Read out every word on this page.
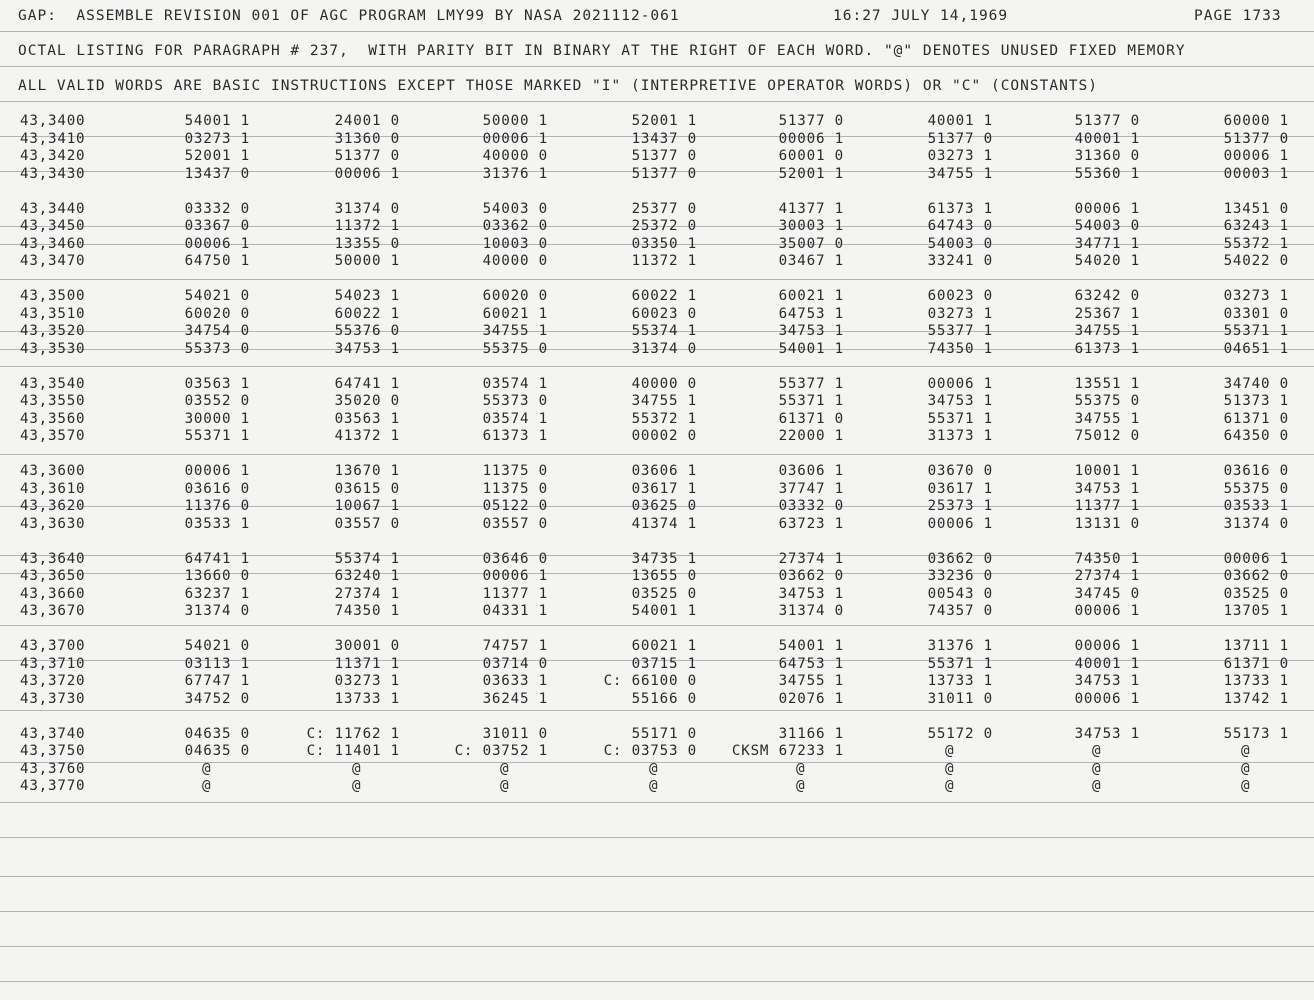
GAP:  ASSEMBLE REVISION 001 OF AGC PROGRAM LMY99 BY NASA 2021112-061	16:27 JULY 14,1969	PAGE 1733
OCTAL LISTING FOR PARAGRAPH # 237,  WITH PARITY BIT IN BINARY AT THE RIGHT OF EACH WORD. "@" DENOTES UNUSED FIXED MEMORY
ALL VALID WORDS ARE BASIC INSTRUCTIONS EXCEPT THOSE MARKED "I" (INTERPRETIVE OPERATOR WORDS) OR "C" (CONSTANTS)
43,3400	54001 1	24001 0	50000 1	52001 1	51377 0	40001 1	51377 0	60000 1
43,3410	03273 1	31360 0	00006 1	13437 0	00006 1	51377 0	40001 1	51377 0
43,3420	52001 1	51377 0	40000 0	51377 0	60001 0	03273 1	31360 0	00006 1
43,3430	13437 0	00006 1	31376 1	51377 0	52001 1	34755 1	55360 1	00003 1
43,3440	03332 0	31374 0	54003 0	25377 0	41377 1	61373 1	00006 1	13451 0
43,3450	03367 0	11372 1	03362 0	25372 0	30003 1	64743 0	54003 0	63243 1
43,3460	00006 1	13355 0	10003 0	03350 1	35007 0	54003 0	34771 1	55372 1
43,3470	64750 1	50000 1	40000 0	11372 1	03467 1	33241 0	54020 1	54022 0
43,3500	54021 0	54023 1	60020 0	60022 1	60021 1	60023 0	63242 0	03273 1
43,3510	60020 0	60022 1	60021 1	60023 0	64753 1	03273 1	25367 1	03301 0
43,3520	34754 0	55376 0	34755 1	55374 1	34753 1	55377 1	34755 1	55371 1
43,3530	55373 0	34753 1	55375 0	31374 0	54001 1	74350 1	61373 1	04651 1
43,3540	03563 1	64741 1	03574 1	40000 0	55377 1	00006 1	13551 1	34740 0
43,3550	03552 0	35020 0	55373 0	34755 1	55371 1	34753 1	55375 0	51373 1
43,3560	30000 1	03563 1	03574 1	55372 1	61371 0	55371 1	34755 1	61371 0
43,3570	55371 1	41372 1	61373 1	00002 0	22000 1	31373 1	75012 0	64350 0
43,3600	00006 1	13670 1	11375 0	03606 1	03606 1	03670 0	10001 1	03616 0
43,3610	03616 0	03615 0	11375 0	03617 1	37747 1	03617 1	34753 1	55375 0
43,3620	11376 0	10067 1	05122 0	03625 0	03332 0	25373 1	11377 1	03533 1
43,3630	03533 1	03557 0	03557 0	41374 1	63723 1	00006 1	13131 0	31374 0
43,3640	64741 1	55374 1	03646 0	34735 1	27374 1	03662 0	74350 1	00006 1
43,3650	13660 0	63240 1	00006 1	13655 0	03662 0	33236 0	27374 1	03662 0
43,3660	63237 1	27374 1	11377 1	03525 0	34753 1	00543 0	34745 0	03525 0
43,3670	31374 0	74350 1	04331 1	54001 1	31374 0	74357 0	00006 1	13705 1
43,3700	54021 0	30001 0	74757 1	60021 1	54001 1	31376 1	00006 1	13711 1
43,3710	03113 1	11371 1	03714 0	03715 1	64753 1	55371 1	40001 1	61371 0
43,3720	67747 1	03273 1	03633 1	C: 66100 0	34755 1	13733 1	34753 1	13733 1
43,3730	34752 0	13733 1	36245 1	55166 0	02076 1	31011 0	00006 1	13742 1
43,3740	04635 0	C: 11762 1	31011 0	55171 0	31166 1	55172 0	34753 1	55173 1
43,3750	04635 0	C: 11401 1	C: 03752 1	C: 03753 0	CKSM 67233 1	@	@	@
43,3760	@	@	@	@	@	@	@	@
43,3770	@	@	@	@	@	@	@	@
